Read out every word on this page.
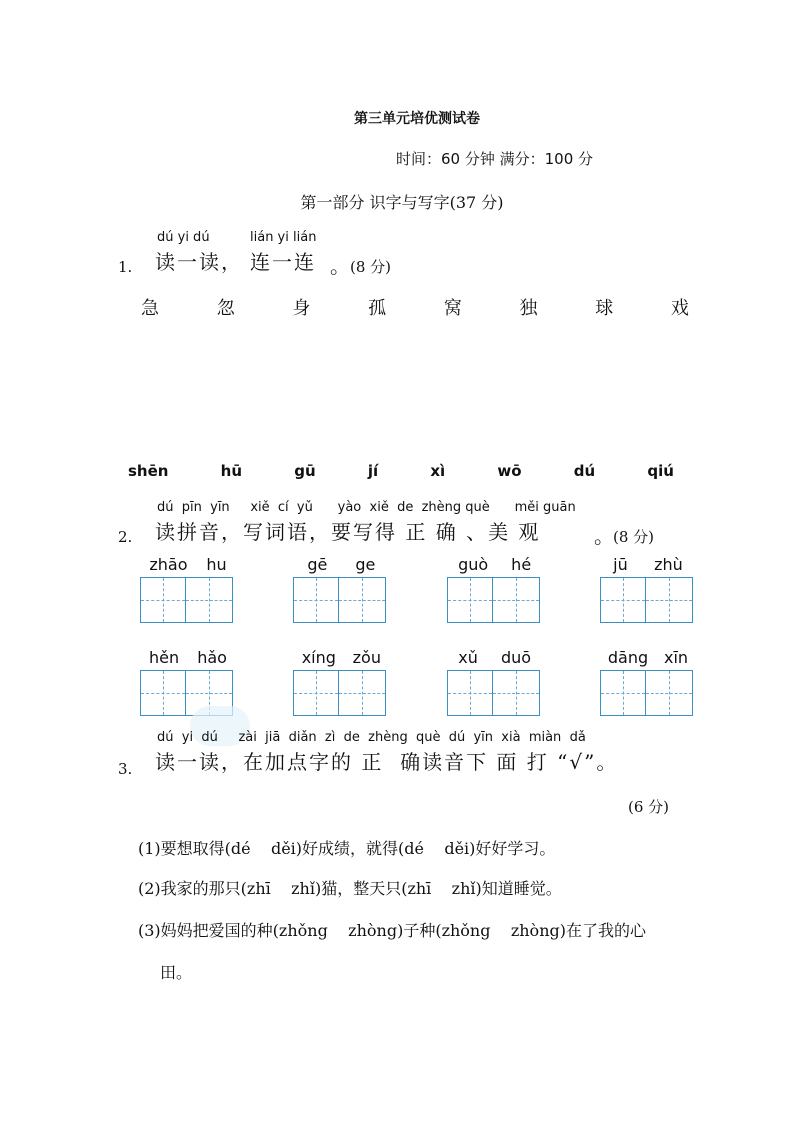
第三单元培优测试卷
时间：60 分钟 满分：100 分
第一部分 识字与写字(37 分)
dú yi dú	lián yi lián
1. 读一读， 连一连 。
(8 分)
急	忽	身	孤	窝	独	球	戏
shēn	hū	gū	jí	xì	wō	dú	qiú
dú  pīn  yīn     xiě  cí  yǔ      yào  xiě  de  zhèng què      měi guān
2. 读拼音，写词语，要写得 正 确 、美 观	。
(8 分)
zhāo hu	gē ge	guò hé	jū zhù
hěn hǎo	xíng zǒu	xǔ duō	dāng xīn
dú  yi  dú     zài  jiā  diǎn  zì  de  zhèng  què  dú  yīn  xià  miàn  dǎ
3. 读一读，在加点字的 正  确读音下 面 打 “√”。
(6 分)
(1)要想取得(dé    děi)好成绩，就得(dé    děi)好好学习。
(2)我家的那只(zhī    zhǐ)猫，整天只(zhī    zhǐ)知道睡觉。
(3)妈妈把爱国的种(zhǒng    zhòng)子种(zhǒng    zhòng)在了我的心
田。
